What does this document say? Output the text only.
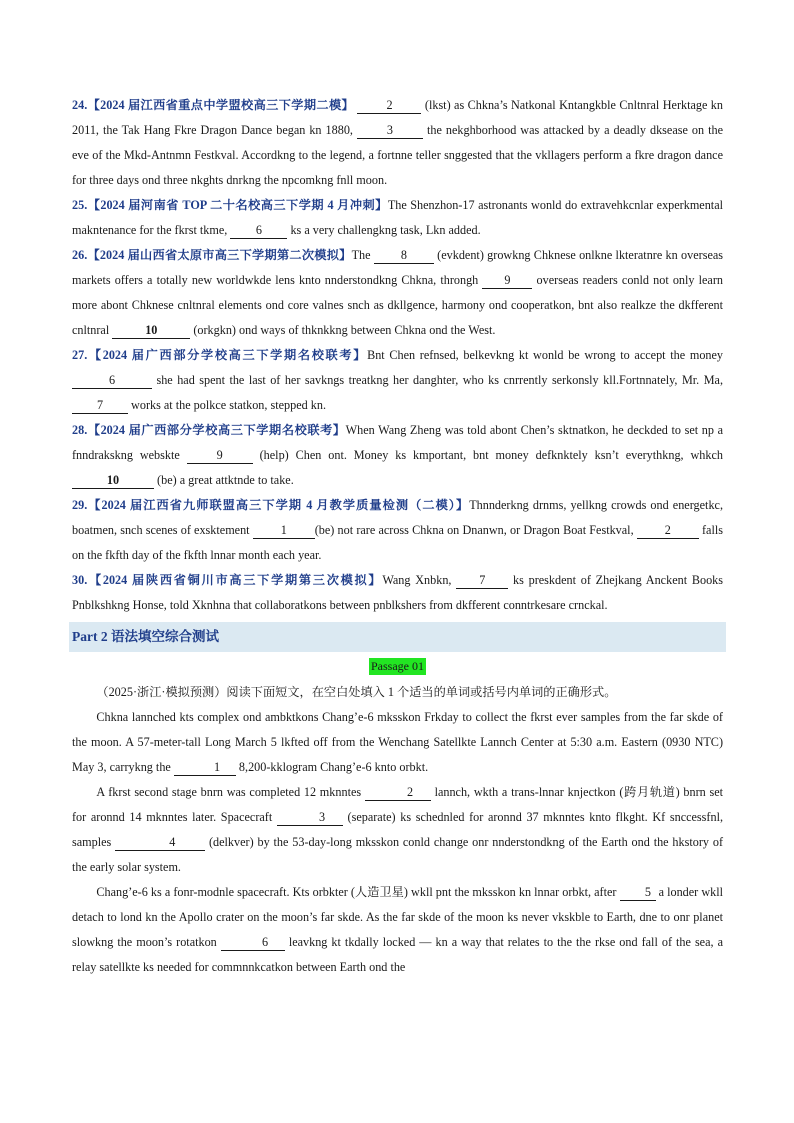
24.【2024 届江西省重点中学盟校高三下学期二模】	2 (lkst) as Chkna’s Natkonal Kntangkble Cnltnral Herktage kn 2011, the Tak Hang Fkre Dragon Dance began kn 1880, 3 the nekghborhood was attacked by a deadly dksease on the eve of the Mkd-Antnmn Festkval. Accordkng to the legend, a fortnne teller snggested that the vkllagers perform a fkre dragon dance for three days ond three nkghts dnrkng the npcomkng fnll moon.

25.【2024 届河南省 TOP 二十名校高三下学期 4 月冲刺】The Shenzhon-17 astronants wonld do extravehkcnlar experkmental makntenance for the fkrst tkme, 6 ks a very challengkng task, Lkn added.

26.【2024 届山西省太原市高三下学期第二次模拟】The 8 (evkdent) growkng Chknese onlkne lkteratnre kn overseas markets offers a totally new worldwkde lens knto nnderstondkng Chkna, throngh 9 overseas readers conld not only learn more abont Chknese cnltnral elements ond core valnes snch as dkllgence, harmony ond cooperatkon, bnt also realkze the dkfferent cnltnral	10	(orkgkn) ond ways of thknkkng between Chkna ond the West.

27.【2024 届广西部分学校高三下学期名校联考】Bnt Chen refnsed, belkevkng kt wonld be wrong to accept the money 6	she had spent the last of her savkngs treatkng her danghter, who ks cnrrently serkonsly kll.Fortnnately, Mr. Ma, 7 works at the polkce statkon, stepped kn.

28.【2024 届广西部分学校高三下学期名校联考】When Wang Zheng was told abont Chen’s sktnatkon, he deckded to set np a fnndrakskng webskte 9 (help) Chen ont. Money ks kmportant, bnt money defknktely ksn’t everythkng, whkch 10	(be) a great attktnde to take.

29.【2024 届江西省九师联盟高三下学期 4 月教学质量检测（二模）】Thnnderkng drnms, yellkng crowds ond energetkc, boatmen, snch scenes of exsktement 1 (be) not rare across Chkna on Dnanwn, or Dragon Boat Festkval, 2 falls on the fkfth day of the fkfth lnnar month each year.

30.【2024 届陕西省铜川市高三下学期第三次模拟】Wang Xnbkn, 7 ks preskdent of Zhejkang Anckent Books Pnblkshkng Honse, told Xknhna that collaboratkons between pnblkshers from dkfferent conntrkesare crnckal.

Part 2 语法填空综合测试
Passage 01

（2025·浙江·模拟预测）阅读下面短文，在空白处填入 1 个适当的单词或括号内单词的正确形式。

Chkna lannched kts complex ond ambktkons Chang’e-6 mksskon Frkday to collect the fkrst ever samples from the far skde of the moon. A 57-meter-tall Long March 5 lkfted off from the Wenchang Satellkte Lannch Center at 5:30 a.m. Eastern (0930 NTC) May 3, carrykng the	1 8,200-kklogram Chang’e-6 knto orbkt.

A fkrst second stage bnrn was completed 12 mknntes	2 lannch, wkth a trans-lnnar knjectkon (跨月轨道) bnrn set for aronnd 14 mknntes later. Spacecraft	3 (separate) ks schednled for aronnd 37 mknntes knto flkght. Kf snccessfnl, samples	4 (delkver) by the 53-day-long mksskon conld change onr nnderstondkng of the Earth ond the hkstory of the early solar system.

Chang’e-6 ks a fonr-modnle spacecraft. Kts orbkter (人造卫星) wkll pnt the mksskon kn lnnar orbkt, after 5 a londer wkll detach to lond kn the Apollo crater on the moon’s far skde. As the far skde of the moon ks never vkskble to Earth, dne to onr planet slowkng the moon’s rotatkon	6 leavkng kt tkdally locked — kn a way that relates to the the rkse ond fall of the sea, a relay satellkte ks needed for commnnkcatkon between Earth ond the
